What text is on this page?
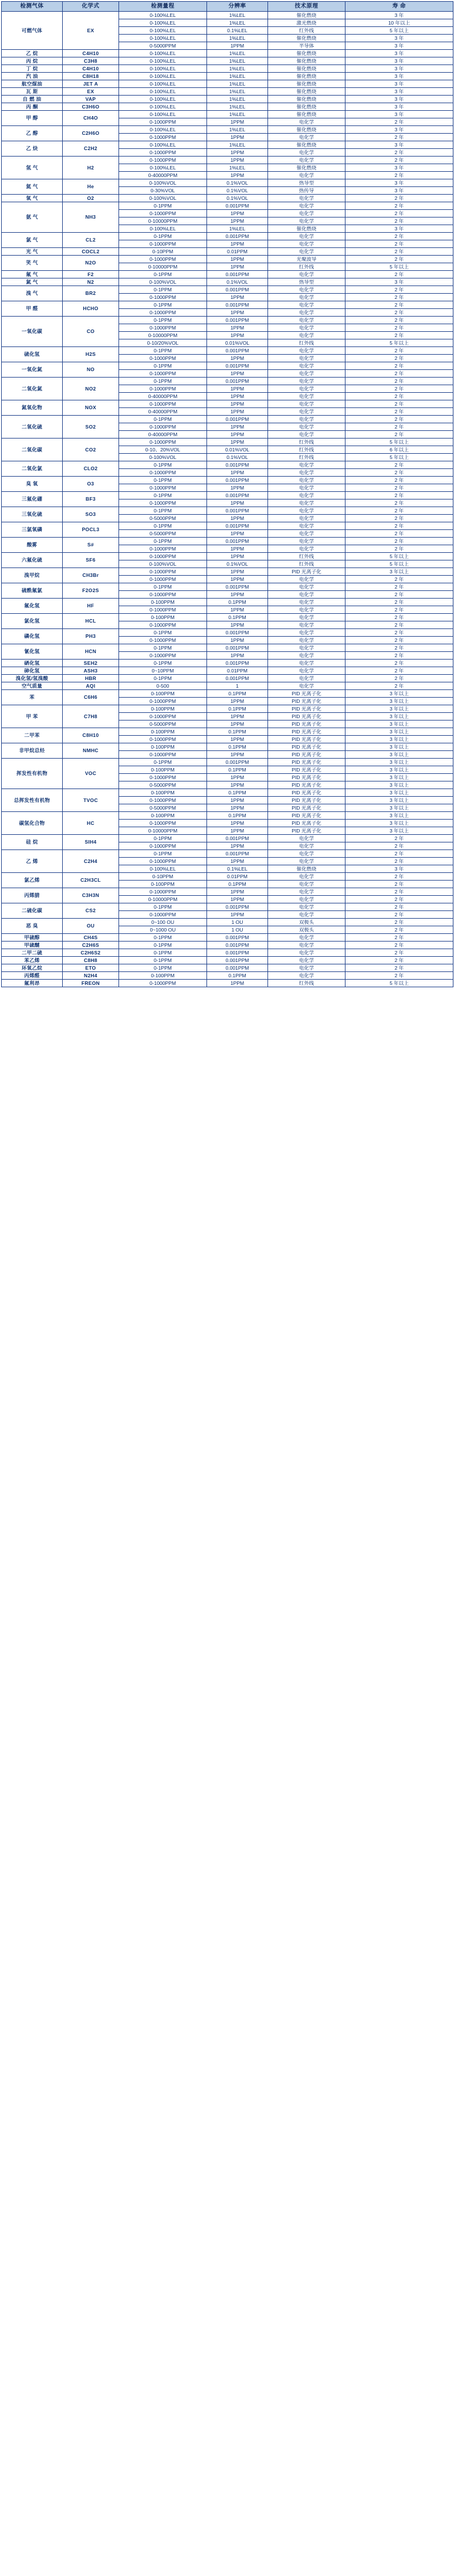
检测气体	化学式	检测量程	分辨率	技术原理	寿 命
可燃气体	EX	0-100%LEL	1%LEL	催化燃烧	3 年
		0-100%LEL	1%LEL	激光燃烧	10 年以上
		0-100%LEL	0.1%LEL	红外线	5 年以上
		0-100%LEL	1%LEL	催化燃烧	3 年
		0-5000PPM	1PPM	半导体	3 年
乙 烷	C4H10	0-100%LEL	1%LEL	催化燃烧	3 年
丙 烷	C3H8	0-100%LEL	1%LEL	催化燃烧	3 年
丁 烷	C4H10	0-100%LEL	1%LEL	催化燃烧	3 年
汽 油	C8H18	0-100%LEL	1%LEL	催化燃烧	3 年
航空煤油	JET A	0-100%LEL	1%LEL	催化燃烧	3 年
瓦 斯	EX	0-100%LEL	1%LEL	催化燃烧	3 年
自 燃 油	VAP	0-100%LEL	1%LEL	催化燃烧	3 年
丙 酮	C3H6O	0-100%LEL	1%LEL	催化燃烧	3 年
甲 醇	CH4O	0-100%LEL	1%LEL	催化燃烧	3 年
		0-1000PPM	1PPM	电化学	2 年
乙 醇	C2H6O	0-100%LEL	1%LEL	催化燃烧	3 年
		0-1000PPM	1PPM	电化学	2 年
乙 炔	C2H2	0-100%LEL	1%LEL	催化燃烧	3 年
		0-1000PPM	1PPM	电化学	2 年
氢 气	H2	0-1000PPM	1PPM	电化学	2 年
		0-100%LEL	1%LEL	催化燃烧	3 年
		0-40000PPM	1PPM	电化学	2 年
氦 气	He	0-100%VOL	0.1%VOL	热导型	3 年
		0-30%VOL	0.1%VOL	热传导	3 年
氧 气	O2	0-100%VOL	0.1%VOL	电化学	2 年
氨 气	NH3	0-1PPM	0.001PPM	电化学	2 年
		0-1000PPM	1PPM	电化学	2 年
		0-10000PPM	1PPM	电化学	2 年
		0-100%LEL	1%LEL	催化燃烧	3 年
氯 气	CL2	0-1PPM	0.001PPM	电化学	2 年
		0-1000PPM	1PPM	电化学	2 年
光 气	COCL2	0-10PPM	0.01PPM	电化学	2 年
笑 气	N2O	0-1000PPM	1PPM	光聚波导	2 年
		0-10000PPM	1PPM	红外线	5 年以上
氟 气	F2	0-1PPM	0.001PPM	电化学	2 年
氮 气	N2	0-100%VOL	0.1%VOL	热导型	3 年
溴 气	BR2	0-1PPM	0.001PPM	电化学	2 年
		0-1000PPM	1PPM	电化学	2 年
甲 醛	HCHO	0-1PPM	0.001PPM	电化学	2 年
		0-1000PPM	1PPM	电化学	2 年
一氧化碳	CO	0-1PPM	0.001PPM	电化学	2 年
		0-1000PPM	1PPM	电化学	2 年
		0-10000PPM	1PPM	电化学	2 年
		0-10/20%VOL	0.01%VOL	红外线	5 年以上
硫化氢	H2S	0-1PPM	0.001PPM	电化学	2 年
		0-1000PPM	1PPM	电化学	2 年
一氧化氮	NO	0-1PPM	0.001PPM	电化学	2 年
		0-1000PPM	1PPM	电化学	2 年
二氧化氮	NO2	0-1PPM	0.001PPM	电化学	2 年
		0-1000PPM	1PPM	电化学	2 年
		0-40000PPM	1PPM	电化学	2 年
氮氧化物	NOX	0-1000PPM	1PPM	电化学	2 年
		0-40000PPM	1PPM	电化学	2 年
二氧化硫	SO2	0-1PPM	0.001PPM	电化学	2 年
		0-1000PPM	1PPM	电化学	2 年
		0-40000PPM	1PPM	电化学	2 年
二氧化碳	CO2	0-1000PPM	1PPM	红外线	5 年以上
		0-10、20%VOL	0.01%VOL	红外线	6 年以上
		0-100%VOL	0.1%VOL	红外线	5 年以上
二氧化氯	CLO2	0-1PPM	0.001PPM	电化学	2 年
		0-1000PPM	1PPM	电化学	2 年
臭 氧	O3	0-1PPM	0.001PPM	电化学	2 年
		0-1000PPM	1PPM	电化学	2 年
三氟化硼	BF3	0-1PPM	0.001PPM	电化学	2 年
		0-1000PPM	1PPM	电化学	2 年
三氧化硫	SO3	0-1PPM	0.001PPM	电化学	2 年
		0-5000PPM	1PPM	电化学	2 年
三氯氧磷	POCL3	0-1PPM	0.001PPM	电化学	2 年
		0-5000PPM	1PPM	电化学	2 年
酸雾	S#	0-1PPM	0.001PPM	电化学	2 年
		0-1000PPM	1PPM	电化学	2 年
六氟化硫	SF6	0-1000PPM	1PPM	红外线	5 年以上
		0-100%VOL	0.1%VOL	红外线	5 年以上
溴甲烷	CH3Br	0-1000PPM	1PPM	PID 光离子化	3 年以上
		0-1000PPM	1PPM	电化学	2 年
硫酰氟氯	F2O2S	0-1PPM	0.001PPM	电化学	2 年
		0-1000PPM	1PPM	电化学	2 年
氟化氢	HF	0-100PPM	0.1PPM	电化学	2 年
		0-1000PPM	1PPM	电化学	2 年
氯化氢	HCL	0-100PPM	0.1PPM	电化学	2 年
		0-1000PPM	1PPM	电化学	2 年
磷化氢	PH3	0-1PPM	0.001PPM	电化学	2 年
		0-1000PPM	1PPM	电化学	2 年
氰化氢	HCN	0-1PPM	0.001PPM	电化学	2 年
		0-1000PPM	1PPM	电化学	2 年
硒化氢	SEH2	0-1PPM	0.001PPM	电化学	2 年
砷化氢	ASH3	0~10PPM	0.01PPM	电化学	2 年
溴化氢/氢溴酸	HBR	0-1PPM	0.001PPM	电化学	2 年
空气质量	AQI	0-500	1	电化学	2 年
苯	C6H6	0-100PPM	0.1PPM	PID 光离子化	3 年以上
		0-1000PPM	1PPM	PID 光离子化	3 年以上
甲 苯	C7H8	0-100PPM	0.1PPM	PID 光离子化	3 年以上
		0-1000PPM	1PPM	PID 光离子化	3 年以上
		0-5000PPM	1PPM	PID 光离子化	3 年以上
二甲苯	C8H10	0-100PPM	0.1PPM	PID 光离子化	3 年以上
		0-1000PPM	1PPM	PID 光离子化	3 年以上
非甲烷总烃	NMHC	0-100PPM	0.1PPM	PID 光离子化	3 年以上
		0-1000PPM	1PPM	PID 光离子化	3 年以上
挥发性有机物	VOC	0-1PPM	0.001PPM	PID 光离子化	3 年以上
		0-100PPM	0.1PPM	PID 光离子化	3 年以上
		0-1000PPM	1PPM	PID 光离子化	3 年以上
		0-5000PPM	1PPM	PID 光离子化	3 年以上
总挥发性有机物	TVOC	0-100PPM	0.1PPM	PID 光离子化	3 年以上
		0-1000PPM	1PPM	PID 光离子化	3 年以上
		0-5000PPM	1PPM	PID 光离子化	3 年以上
碳氢化合物	HC	0-100PPM	0.1PPM	PID 光离子化	3 年以上
		0-1000PPM	1PPM	PID 光离子化	3 年以上
		0-10000PPM	1PPM	PID 光离子化	3 年以上
硅 烷	SIH4	0-1PPM	0.001PPM	电化学	2 年
		0-1000PPM	1PPM	电化学	2 年
乙 烯	C2H4	0-1PPM	0.001PPM	电化学	2 年
		0-1000PPM	1PPM	电化学	2 年
		0-100%LEL	0.1%LEL	催化燃烧	3 年
氯乙烯	C2H3CL	0-10PPM	0.01PPM	电化学	2 年
		0-100PPM	0.1PPM	电化学	2 年
丙烯腈	C3H3N	0-1000PPM	1PPM	电化学	2 年
		0-10000PPM	1PPM	电化学	2 年
二硫化碳	CS2	0-1PPM	0.001PPM	电化学	2 年
		0-1000PPM	1PPM	电化学	2 年
恶 臭	OU	0~100 OU	1 OU	双极头	2 年
		0~1000 OU	1 OU	双极头	2 年
甲硫醇	CH4S	0-1PPM	0.001PPM	电化学	2 年
甲硫醚	C2H6S	0-1PPM	0.001PPM	电化学	2 年
二甲二硫	C2H6S2	0-1PPM	0.001PPM	电化学	2 年
苯乙烯	C8H8	0-1PPM	0.001PPM	电化学	2 年
环氧乙烷	ETO	0-1PPM	0.001PPM	电化学	2 年
丙烯醛	N2H4	0-100PPM	0.1PPM	电化学	2 年
氟利昂	FREON	0-1000PPM	1PPM	红外线	5 年以上
